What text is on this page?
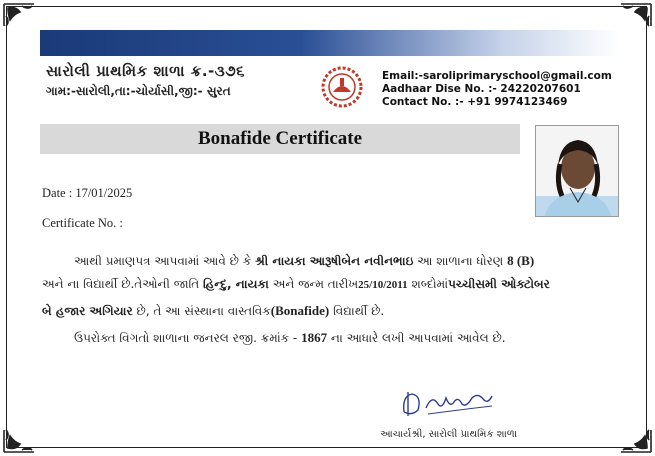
સારોલી પ્રાથમિક શાળા ક્ર.-૩૭૬
ગામ:-સારોલી,તા:-ચોર્યાસી,જી:- સુરત
Email:-saroliprimaryschool@gmail.com
Aadhaar Dise No. :- 24220207601
Contact No. :- +91 9974123469
Bonafide Certificate
Date : 17/01/2025
Certificate No. :
આથી પ્રમાણપત્ર આપવામાં આવે છે કે શ્રી નાયકા આરૂષીબેન નવીનભાઇ આ શાળાના ધોરણ 8 (B)
અને ના વિદ્યાર્થી છે.તેઓની જાતિ હિન્દુ, નાયકા અને જન્મ તારીખ25/10/2011 શબ્દોમાંપચ્ચીસમી ઓક્ટોબર
બે હજાર અગિયાર છે, તે આ સંસ્થાના વાસ્તવિક(Bonafide) વિદ્યાર્થી છે.
ઉપરોક્ત વિગતો શાળાના જનરલ રજી. ક્રમાંક - 1867 ના આધારે લખી આપવામાં આવેલ છે.
આચાર્યશ્રી, સારોલી પ્રાથમિક શાળા
